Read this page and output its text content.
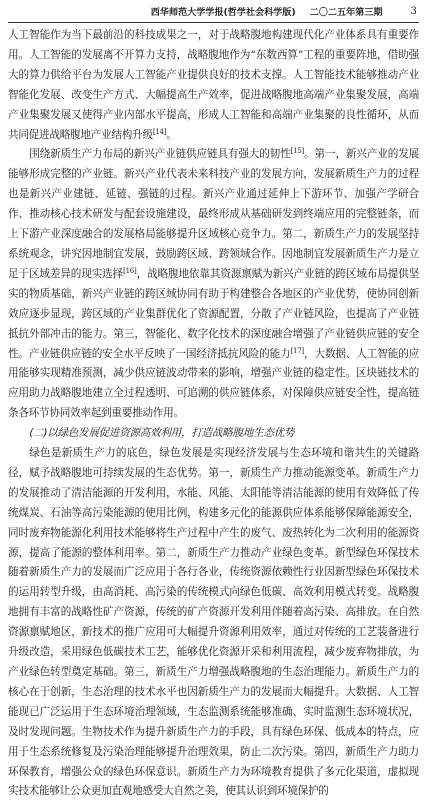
西华师范大学学报(哲学社会科学版) 二〇二五年第三期	3

人工智能作为当下最前沿的科技成果之一，对于战略腹地构建现代化产业体系具有重要作用。人工智能的发展离不开算力支持，战略腹地作为“东数西算”工程的重要阵地，借助强大的算力供给平台为发展人工智能产业提供良好的技术支撑。人工智能技术能够推动产业智能化发展、改变生产方式、大幅提高生产效率，促进战略腹地高端产业集聚发展，高端产业集聚发展又使得产业内部水平提高，形成人工智能和高端产业集聚的良性循环，从而共同促进战略腹地产业结构升级[14]。

围绕新质生产力布局的新兴产业链供应链具有强大的韧性[15]。第一，新兴产业的发展能够形成完整的产业链。新兴产业代表未来科技产业的发展方向，发展新质生产力的过程也是新兴产业建链、延链、强链的过程。新兴产业通过延伸上下游环节、加强产学研合作、推动核心技术研发与配套设施建设，最终形成从基础研发到终端应用的完整链条，而上下游产业深度融合的发展格局能够提升区域核心竞争力。第二，新质生产力的发展坚持系统观念，讲究因地制宜发展，鼓励跨区域、跨领域合作。因地制宜发展新质生产力是立足于区域差异的现实选择[16]，战略腹地依靠其资源禀赋为新兴产业链的跨区域布局提供坚实的物质基础，新兴产业链的跨区域协同有助于构建整合各地区的产业优势，使协同创新效应逐步显现，跨区域的产业集群优化了资源配置，分散了产业链风险，也提高了产业链抵抗外部冲击的能力。第三，智能化、数字化技术的深度融合增强了产业链供应链的安全性。产业链供应链的安全水平反映了一国经济抵抗风险的能力[17]，大数据、人工智能的应用能够实现精准预测，减少供应链波动带来的影响，增强产业链的稳定性。区块链技术的应用助力战略腹地建立全过程透明、可追溯的供应链体系，对保障供应链安全性，提高链条各环节协同效率起到重要推动作用。

(二)以绿色发展促进资源高效利用，打造战略腹地生态优势

绿色是新质生产力的底色，绿色发展是实现经济发展与生态环境和谐共生的关键路径，赋予战略腹地可持续发展的生态优势。第一，新质生产力推动能源变革。新质生产力的发展推动了清洁能源的开发利用，水能、风能、太阳能等清洁能源的使用有效降低了传统煤炭、石油等高污染能源的使用比例，构建多元化的能源供应体系能够保障能源安全，同时废弃物能源化利用技术能够将生产过程中产生的废气、废热转化为二次利用的能源资源，提高了能源的整体利用率。第二，新质生产力推动产业绿色变革。新型绿色环保技术随着新质生产力的发展而广泛应用于各行各业，传统资源依赖性行业因新型绿色环保技术的运用转型升级，由高消耗、高污染的传统模式向绿色低碳、高效利用模式转变。战略腹地拥有丰富的战略性矿产资源，传统的矿产资源开发利用伴随着高污染、高排放。在自然资源禀赋地区，新技术的推广应用可大幅提升资源利用效率，通过对传统的工艺装备进行升级改造，采用绿色低碳技术工艺，能够优化资源开采和利用流程，减少废弃物排放，为产业绿色转型奠定基础。第三，新质生产力增强战略腹地的生态治理能力。新质生产力的核心在于创新，生态治理的技术水平也因新质生产力的发展而大幅提升。大数据、人工智能现已广泛运用于生态环境治理领域，生态监测系统能够准确、实时监测生态环境状况，及时发现问题。生物技术作为提升新质生产力的手段，具有绿色环保、低成本的特点，应用于生态系统修复及污染治理能够提升治理效果，防止二次污染。第四，新质生产力助力环保教育，增强公众的绿色环保意识。新质生产力为环境教育提供了多元化渠道，虚拟现实技术能够让公众更加直观地感受大自然之美，使其认识到环境保护的
